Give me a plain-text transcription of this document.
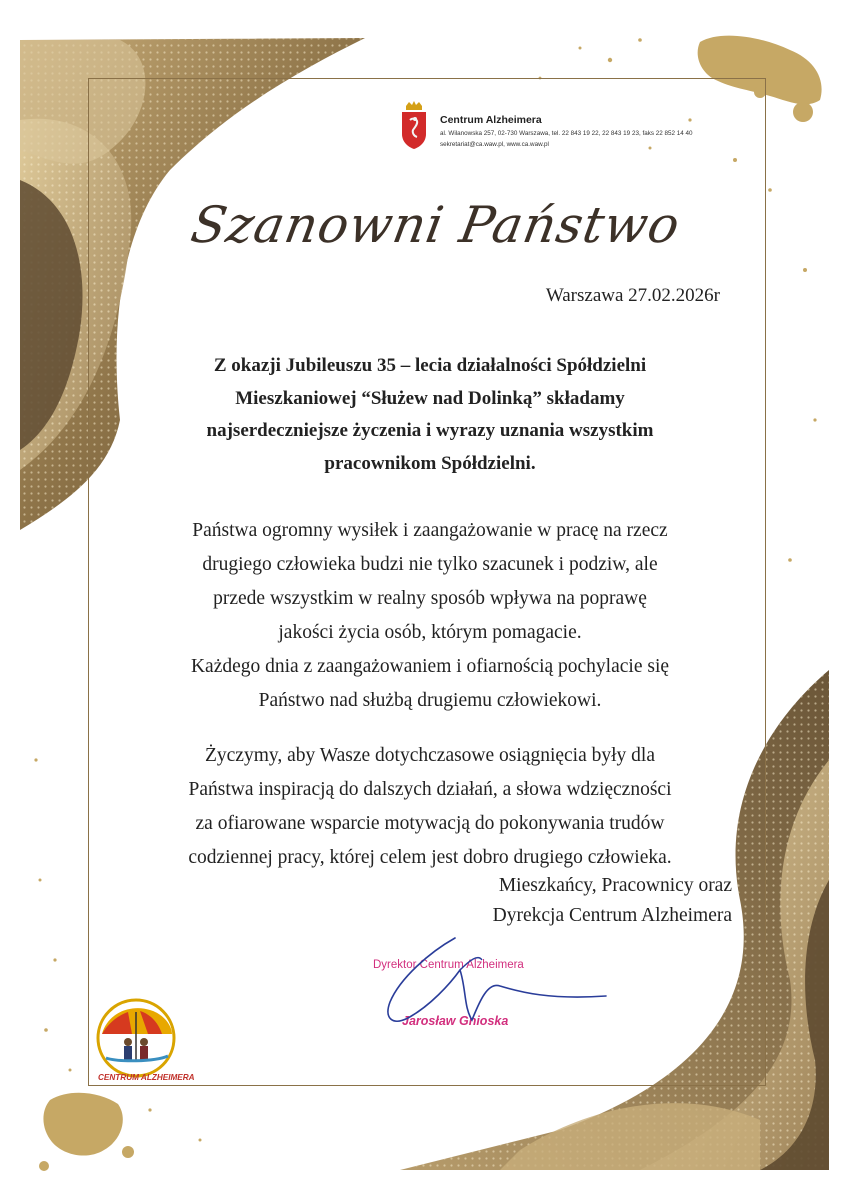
Centrum Alzheimera
al. Wilanowska 257, 02-730 Warszawa, tel. 22 843 19 22, 22 843 19 23, faks 22 852 14 40
sekretariat@ca.waw.pl, www.ca.waw.pl
Szanowni Państwo
Warszawa 27.02.2026r
Z okazji Jubileuszu 35 – lecia działalności Spółdzielni
Mieszkaniowej “Służew nad Dolinką” składamy
najserdeczniejsze życzenia i wyrazy uznania wszystkim
pracownikom Spółdzielni.
Państwa ogromny wysiłek i zaangażowanie w pracę na rzecz
drugiego człowieka budzi nie tylko szacunek i podziw, ale
przede wszystkim w realny sposób wpływa na poprawę
jakości życia osób, którym pomagacie.
Każdego dnia z zaangażowaniem i ofiarnością pochylacie się
Państwo nad służbą drugiemu człowiekowi.
Życzymy, aby Wasze dotychczasowe osiągnięcia były dla
Państwa inspiracją do dalszych działań, a słowa wdzięczności
za ofiarowane wsparcie motywacją do pokonywania trudów
codziennej pracy, której celem jest dobro drugiego człowieka.
Mieszkańcy, Pracownicy oraz
Dyrekcja Centrum Alzheimera
Dyrektor Centrum Alzheimera
Jarosław Gnioska
CENTRUM ALZHEIMERA
